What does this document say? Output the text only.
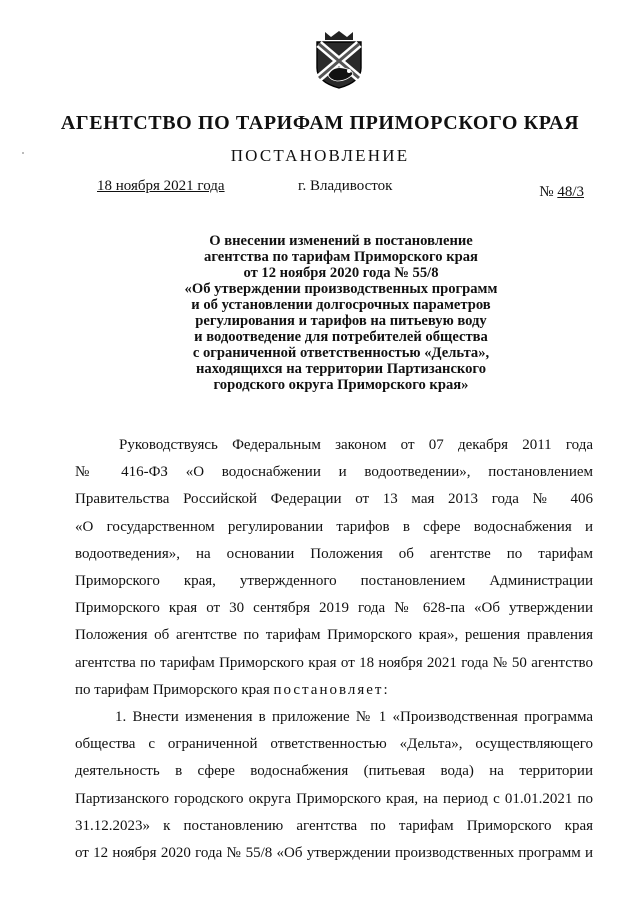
АГЕНТСТВО ПО ТАРИФАМ ПРИМОРСКОГО КРАЯ
ПОСТАНОВЛЕНИЕ
18 ноября 2021 года	г. Владивосток	№ 48/3
О внесении изменений в постановление
агентства по тарифам Приморского края
от 12 ноября 2020 года № 55/8
«Об утверждении производственных программ
и об установлении долгосрочных параметров
регулирования и тарифов на питьевую воду
и водоотведение для потребителей общества
с ограниченной ответственностью «Дельта»,
находящихся на территории Партизанского
городского округа Приморского края»
Руководствуясь Федеральным законом от 07 декабря 2011 года
№ 416-ФЗ «О водоснабжении и водоотведении», постановлением
Правительства Российской Федерации от 13 мая 2013 года № 406
«О государственном регулировании тарифов в сфере водоснабжения и
водоотведения», на основании Положения об агентстве по тарифам
Приморского края, утвержденного постановлением Администрации
Приморского края от 30 сентября 2019 года № 628-па «Об утверждении
Положения об агентстве по тарифам Приморского края», решения правления
агентства по тарифам Приморского края от 18 ноября 2021 года № 50 агентство
по тарифам Приморского края постановляет:
1. Внести изменения в приложение № 1 «Производственная программа
общества с ограниченной ответственностью «Дельта», осуществляющего
деятельность в сфере водоснабжения (питьевая вода) на территории
Партизанского городского округа Приморского края, на период с 01.01.2021 по
31.12.2023» к постановлению агентства по тарифам Приморского края
от 12 ноября 2020 года № 55/8 «Об утверждении производственных программ и
